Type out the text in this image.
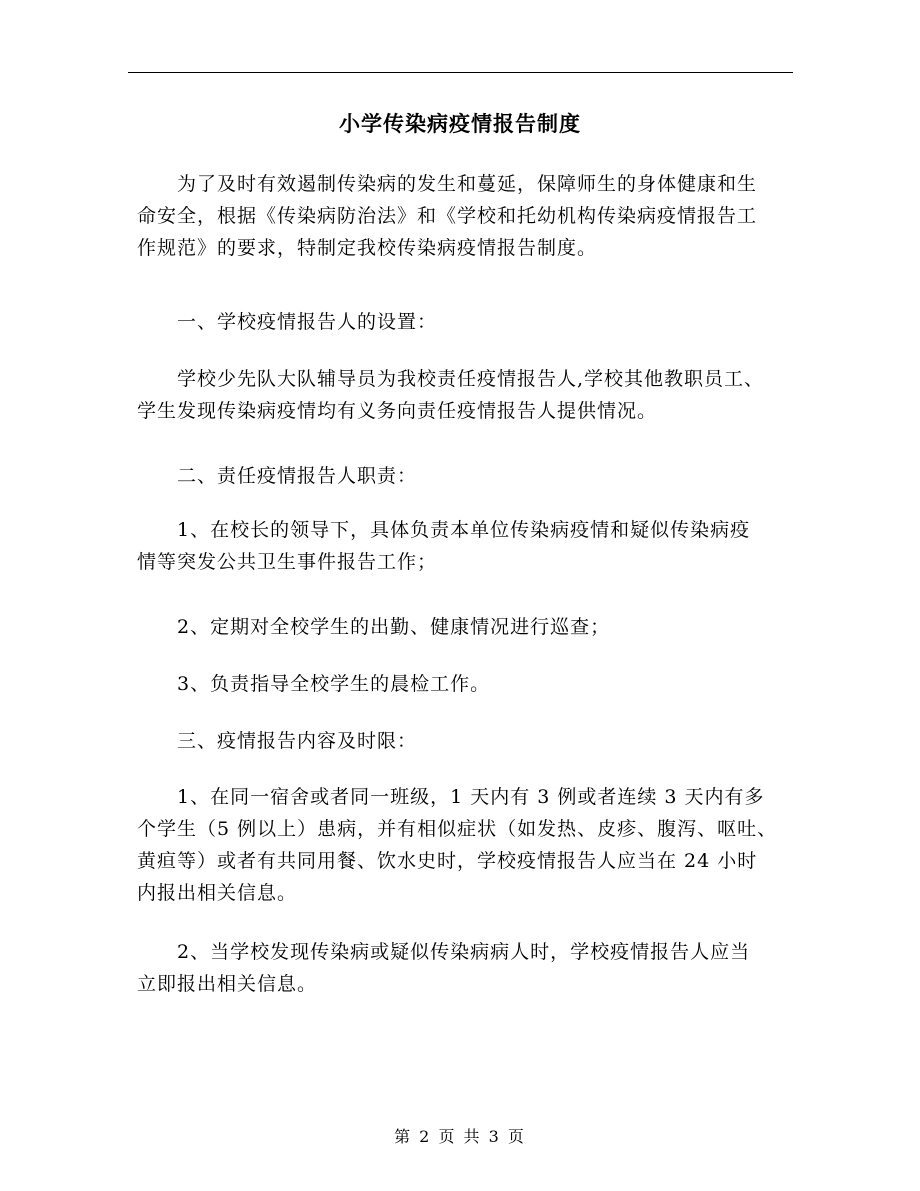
小学传染病疫情报告制度
　　为了及时有效遏制传染病的发生和蔓延，保障师生的身体健康和生
命安全，根据《传染病防治法》和《学校和托幼机构传染病疫情报告工
作规范》的要求，特制定我校传染病疫情报告制度。
　　一、学校疫情报告人的设置：
　　学校少先队大队辅导员为我校责任疫情报告人,学校其他教职员工、
学生发现传染病疫情均有义务向责任疫情报告人提供情况。
　　二、责任疫情报告人职责：
　　1、在校长的领导下，具体负责本单位传染病疫情和疑似传染病疫
情等突发公共卫生事件报告工作；
　　2、定期对全校学生的出勤、健康情况进行巡查；
　　3、负责指导全校学生的晨检工作。
　　三、疫情报告内容及时限：
　　1、在同一宿舍或者同一班级，1 天内有 3 例或者连续 3 天内有多
个学生（5 例以上）患病，并有相似症状（如发热、皮疹、腹泻、呕吐、
黄疸等）或者有共同用餐、饮水史时，学校疫情报告人应当在 24 小时
内报出相关信息。
　　2、当学校发现传染病或疑似传染病病人时，学校疫情报告人应当
立即报出相关信息。
第 2 页 共 3 页
